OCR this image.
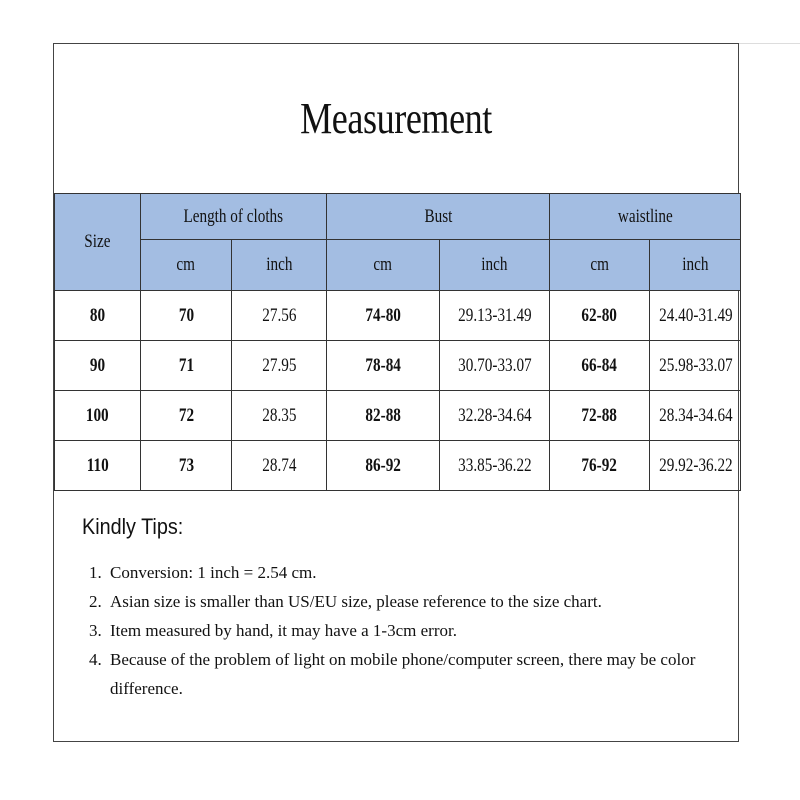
Measurement
Size	Length of cloths		Bust		waistline	
	cm	inch	cm	inch	cm	inch
80	70	27.56	74-80	29.13-31.49	62-80	24.40-31.49
90	71	27.95	78-84	30.70-33.07	66-84	25.98-33.07
100	72	28.35	82-88	32.28-34.64	72-88	28.34-34.64
110	73	28.74	86-92	33.85-36.22	76-92	29.92-36.22
Kindly Tips:
1. Conversion: 1 inch = 2.54 cm.
2. Asian size is smaller than US/EU size, please reference to the size chart.
3. Item measured by hand, it may have a 1-3cm error.
4. Because of the problem of light on mobile phone/computer screen, there may be color difference.
